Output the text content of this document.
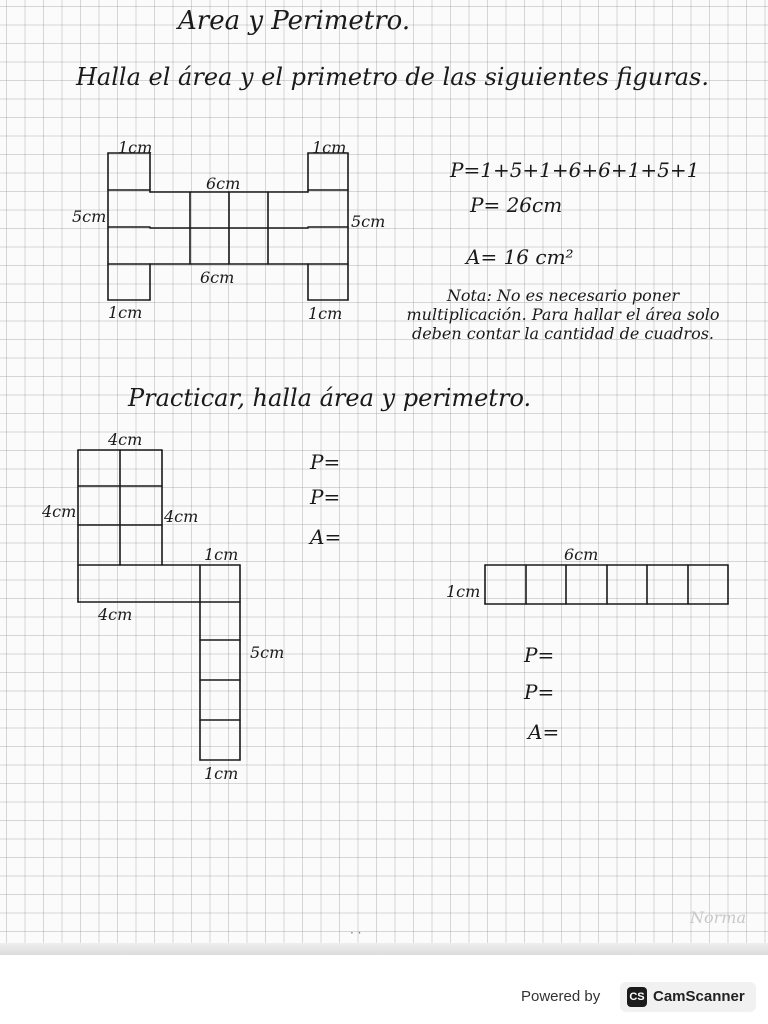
Area y Perimetro.
Halla el área y el primetro de las siguientes figuras.
1cm	1cm
6cm
5cm	5cm
6cm
1cm	1cm
P=1+5+1+6+6+1+5+1
P= 26cm
A= 16 cm²
Nota: No es necesario poner multiplicación. Para hallar el área solo deben contar la cantidad de cuadros.
Practicar, halla área y perimetro.
4cm
4cm	4cm
1cm
4cm
5cm
1cm
P=
P=
A=
6cm
1cm
P=
P=
A=
Norma
· ·
Powered by	CS CamScanner
